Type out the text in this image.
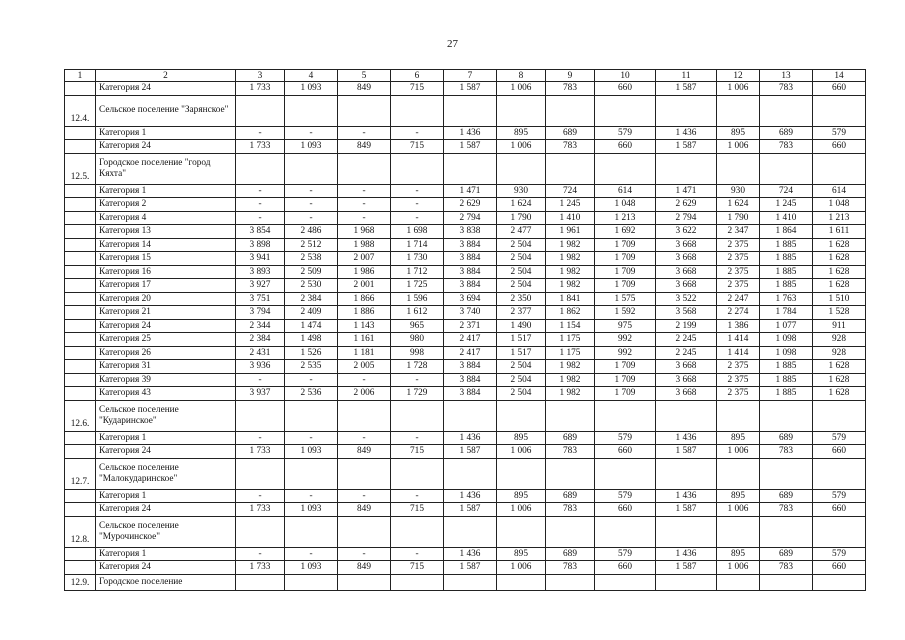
27
1	2	3	4	5	6	7	8	9	10	11	12	13	14
	Категория 24	1 733	1 093	849	715	1 587	1 006	783	660	1 587	1 006	783	660
12.4.	Сельское поселение "Зарянское"												
	Категория 1	-	-	-	-	1 436	895	689	579	1 436	895	689	579
	Категория 24	1 733	1 093	849	715	1 587	1 006	783	660	1 587	1 006	783	660
12.5.	Городское поселение "город Кяхта"												
	Категория 1	-	-	-	-	1 471	930	724	614	1 471	930	724	614
	Категория 2	-	-	-	-	2 629	1 624	1 245	1 048	2 629	1 624	1 245	1 048
	Категория 4	-	-	-	-	2 794	1 790	1 410	1 213	2 794	1 790	1 410	1 213
	Категория 13	3 854	2 486	1 968	1 698	3 838	2 477	1 961	1 692	3 622	2 347	1 864	1 611
	Категория 14	3 898	2 512	1 988	1 714	3 884	2 504	1 982	1 709	3 668	2 375	1 885	1 628
	Категория 15	3 941	2 538	2 007	1 730	3 884	2 504	1 982	1 709	3 668	2 375	1 885	1 628
	Категория 16	3 893	2 509	1 986	1 712	3 884	2 504	1 982	1 709	3 668	2 375	1 885	1 628
	Категория 17	3 927	2 530	2 001	1 725	3 884	2 504	1 982	1 709	3 668	2 375	1 885	1 628
	Категория 20	3 751	2 384	1 866	1 596	3 694	2 350	1 841	1 575	3 522	2 247	1 763	1 510
	Категория 21	3 794	2 409	1 886	1 612	3 740	2 377	1 862	1 592	3 568	2 274	1 784	1 528
	Категория 24	2 344	1 474	1 143	965	2 371	1 490	1 154	975	2 199	1 386	1 077	911
	Категория 25	2 384	1 498	1 161	980	2 417	1 517	1 175	992	2 245	1 414	1 098	928
	Категория 26	2 431	1 526	1 181	998	2 417	1 517	1 175	992	2 245	1 414	1 098	928
	Категория 31	3 936	2 535	2 005	1 728	3 884	2 504	1 982	1 709	3 668	2 375	1 885	1 628
	Категория 39	-	-	-	-	3 884	2 504	1 982	1 709	3 668	2 375	1 885	1 628
	Категория 43	3 937	2 536	2 006	1 729	3 884	2 504	1 982	1 709	3 668	2 375	1 885	1 628
12.6.	Сельское поселение "Кударинское"												
	Категория 1	-	-	-	-	1 436	895	689	579	1 436	895	689	579
	Категория 24	1 733	1 093	849	715	1 587	1 006	783	660	1 587	1 006	783	660
12.7.	Сельское поселение "Малокударинское"												
	Категория 1	-	-	-	-	1 436	895	689	579	1 436	895	689	579
	Категория 24	1 733	1 093	849	715	1 587	1 006	783	660	1 587	1 006	783	660
12.8.	Сельское поселение "Мурочинское"												
	Категория 1	-	-	-	-	1 436	895	689	579	1 436	895	689	579
	Категория 24	1 733	1 093	849	715	1 587	1 006	783	660	1 587	1 006	783	660
12.9.	Городское поселение												
